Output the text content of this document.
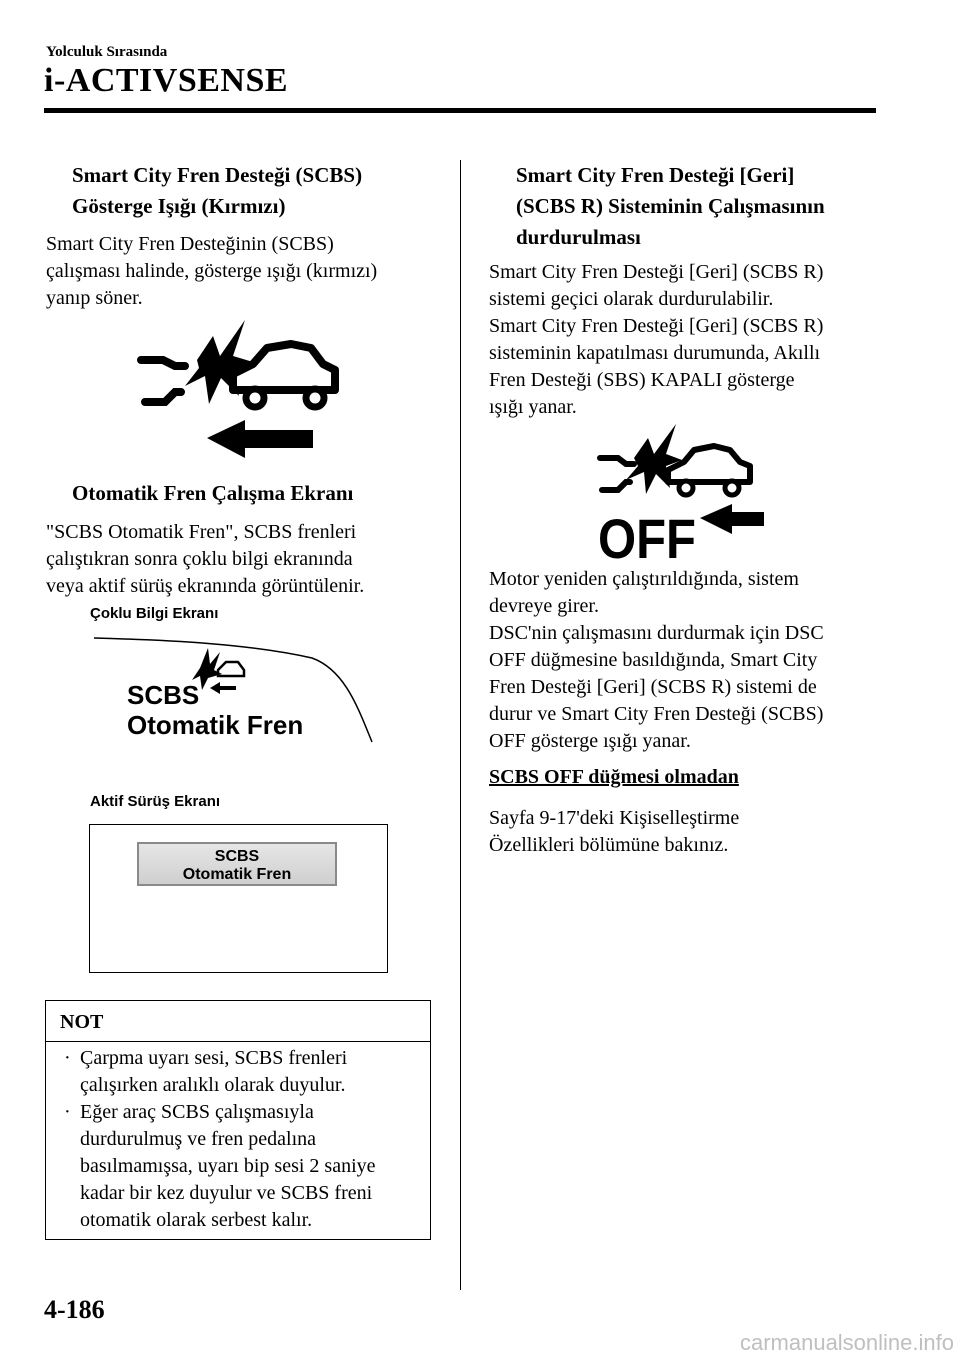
Yolculuk Sırasında
i-ACTIVSENSE
Smart City Fren Desteği (SCBS)
Gösterge Işığı (Kırmızı)
Smart City Fren Desteğinin (SCBS)
çalışması halinde, gösterge ışığı (kırmızı)
yanıp söner.
Otomatik Fren Çalışma Ekranı
"SCBS Otomatik Fren", SCBS frenleri
çalıştıkran sonra çoklu bilgi ekranında
veya aktif sürüş ekranında görüntülenir.
Çoklu Bilgi Ekranı
SCBS
Otomatik Fren
Aktif Sürüş Ekranı
SCBS
Otomatik Fren
NOT
· Çarpma uyarı sesi, SCBS frenleri
çalışırken aralıklı olarak duyulur.
· Eğer araç SCBS çalışmasıyla
durdurulmuş ve fren pedalına
basılmamışsa, uyarı bip sesi 2 saniye
kadar bir kez duyulur ve SCBS freni
otomatik olarak serbest kalır.
Smart City Fren Desteği [Geri]
(SCBS R) Sisteminin Çalışmasının
durdurulması
Smart City Fren Desteği [Geri] (SCBS R)
sistemi geçici olarak durdurulabilir.
Smart City Fren Desteği [Geri] (SCBS R)
sisteminin kapatılması durumunda, Akıllı
Fren Desteği (SBS) KAPALI gösterge
ışığı yanar.
OFF
Motor yeniden çalıştırıldığında, sistem
devreye girer.
DSC'nin çalışmasını durdurmak için DSC
OFF düğmesine basıldığında, Smart City
Fren Desteği [Geri] (SCBS R) sistemi de
durur ve Smart City Fren Desteği (SCBS)
OFF gösterge ışığı yanar.
SCBS OFF düğmesi olmadan
Sayfa 9-17'deki Kişiselleştirme
Özellikleri bölümüne bakınız.
4-186
carmanualsonline.info
